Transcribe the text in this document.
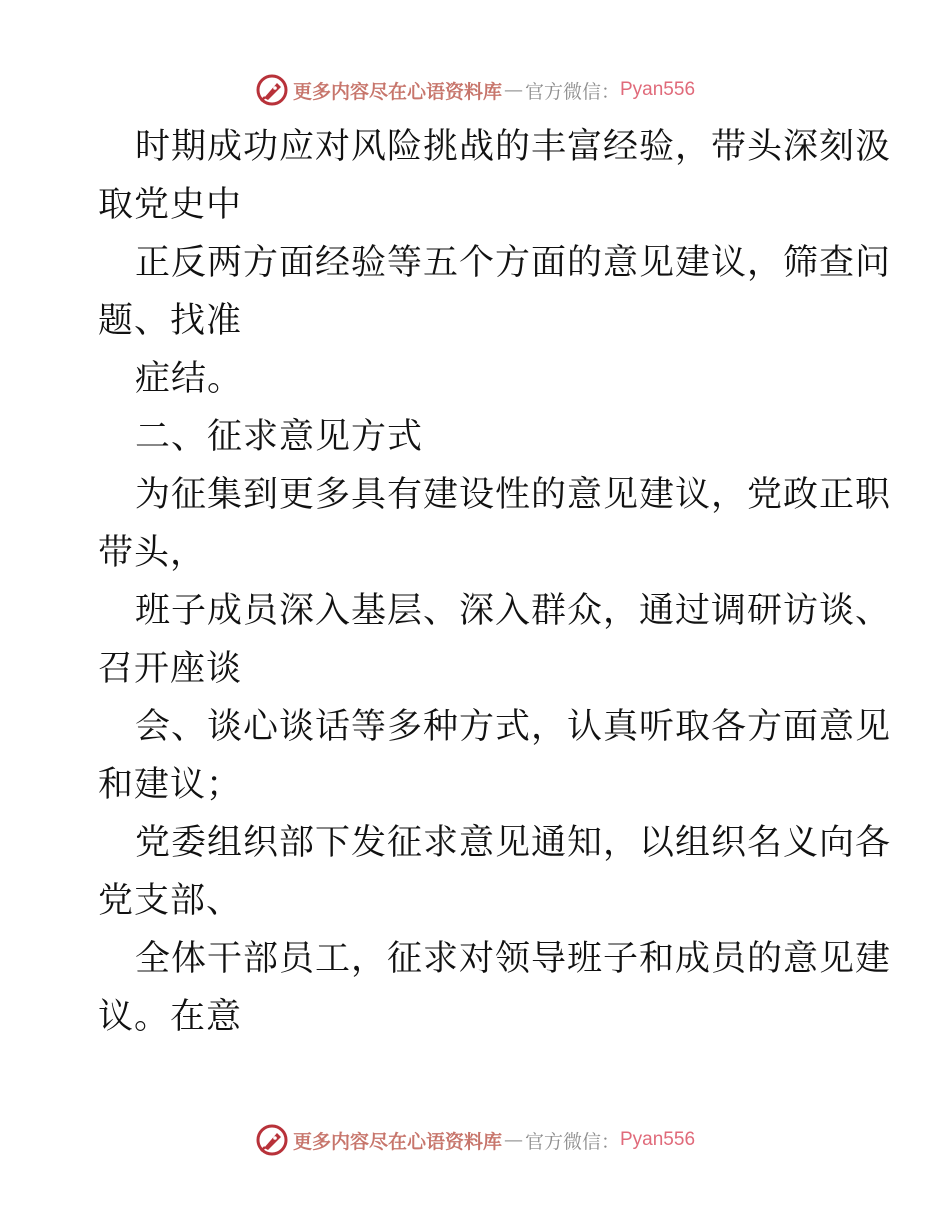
更多内容尽在心语资料库 — 官方微信： Pyan556
时期成功应对风险挑战的丰富经验，带头深刻汲
取党史中
正反两方面经验等五个方面的意见建议，筛查问
题、找准
症结。
二、征求意见方式
为征集到更多具有建设性的意见建议，党政正职
带头，
班子成员深入基层、深入群众，通过调研访谈、
召开座谈
会、谈心谈话等多种方式，认真听取各方面意见
和建议；
党委组织部下发征求意见通知，以组织名义向各
党支部、
全体干部员工，征求对领导班子和成员的意见建
议。在意
更多内容尽在心语资料库 — 官方微信： Pyan556
